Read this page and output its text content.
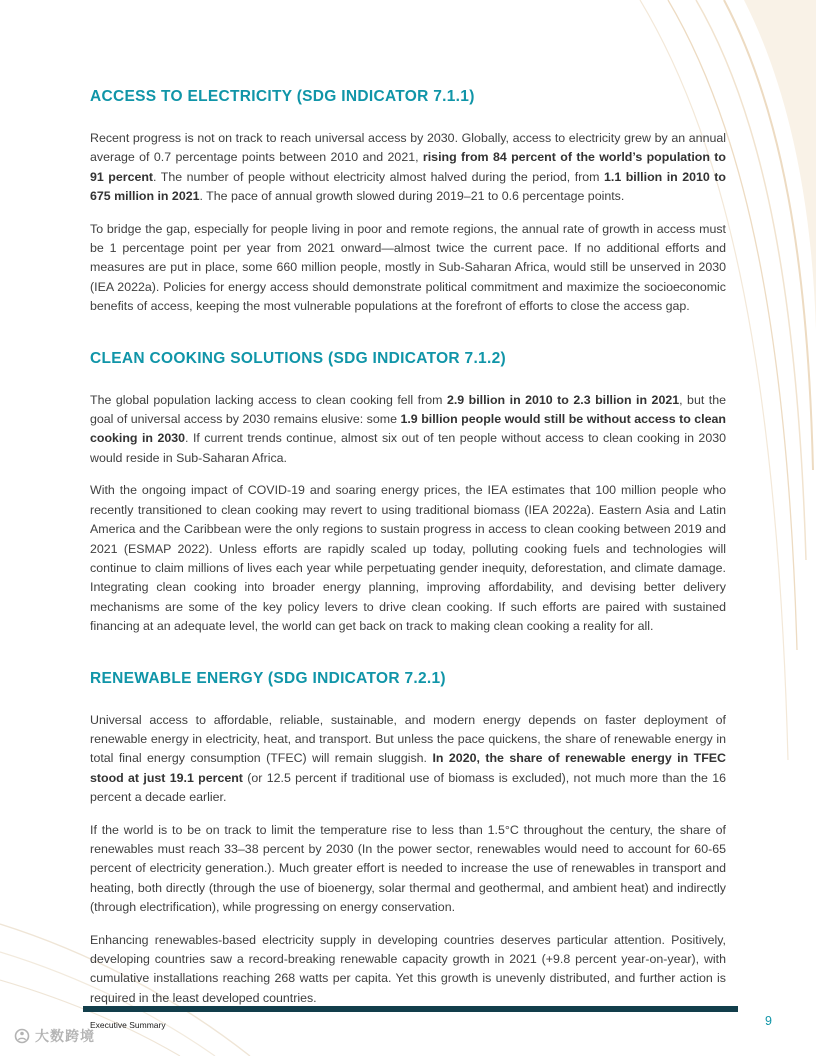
ACCESS TO ELECTRICITY (SDG INDICATOR 7.1.1)

Recent progress is not on track to reach universal access by 2030. Globally, access to electricity grew by an annual average of 0.7 percentage points between 2010 and 2021, rising from 84 percent of the world’s population to 91 percent. The number of people without electricity almost halved during the period, from 1.1 billion in 2010 to 675 million in 2021. The pace of annual growth slowed during 2019–21 to 0.6 percentage points.

To bridge the gap, especially for people living in poor and remote regions, the annual rate of growth in access must be 1 percentage point per year from 2021 onward—almost twice the current pace. If no additional efforts and measures are put in place, some 660 million people, mostly in Sub-Saharan Africa, would still be unserved in 2030 (IEA 2022a). Policies for energy access should demonstrate political commitment and maximize the socioeconomic benefits of access, keeping the most vulnerable populations at the forefront of efforts to close the access gap.

CLEAN COOKING SOLUTIONS (SDG INDICATOR 7.1.2)

The global population lacking access to clean cooking fell from 2.9 billion in 2010 to 2.3 billion in 2021, but the goal of universal access by 2030 remains elusive: some 1.9 billion people would still be without access to clean cooking in 2030. If current trends continue, almost six out of ten people without access to clean cooking in 2030 would reside in Sub-Saharan Africa.

With the ongoing impact of COVID-19 and soaring energy prices, the IEA estimates that 100 million people who recently transitioned to clean cooking may revert to using traditional biomass (IEA 2022a). Eastern Asia and Latin America and the Caribbean were the only regions to sustain progress in access to clean cooking between 2019 and 2021 (ESMAP 2022). Unless efforts are rapidly scaled up today, polluting cooking fuels and technologies will continue to claim millions of lives each year while perpetuating gender inequity, deforestation, and climate damage. Integrating clean cooking into broader energy planning, improving affordability, and devising better delivery mechanisms are some of the key policy levers to drive clean cooking. If such efforts are paired with sustained financing at an adequate level, the world can get back on track to making clean cooking a reality for all.

RENEWABLE ENERGY (SDG INDICATOR 7.2.1)

Universal access to affordable, reliable, sustainable, and modern energy depends on faster deployment of renewable energy in electricity, heat, and transport. But unless the pace quickens, the share of renewable energy in total final energy consumption (TFEC) will remain sluggish. In 2020, the share of renewable energy in TFEC stood at just 19.1 percent (or 12.5 percent if traditional use of biomass is excluded), not much more than the 16 percent a decade earlier.

If the world is to be on track to limit the temperature rise to less than 1.5°C throughout the century, the share of renewables must reach 33–38 percent by 2030 (In the power sector, renewables would need to account for 60-65 percent of electricity generation.). Much greater effort is needed to increase the use of renewables in transport and heating, both directly (through the use of bioenergy, solar thermal and geothermal, and ambient heat) and indirectly (through electrification), while progressing on energy conservation.

Enhancing renewables-based electricity supply in developing countries deserves particular attention. Positively, developing countries saw a record-breaking renewable capacity growth in 2021 (+9.8 percent year-on-year), with cumulative installations reaching 268 watts per capita. Yet this growth is unevenly distributed, and further action is required in the least developed countries.

Executive Summary	9
大数跨境
